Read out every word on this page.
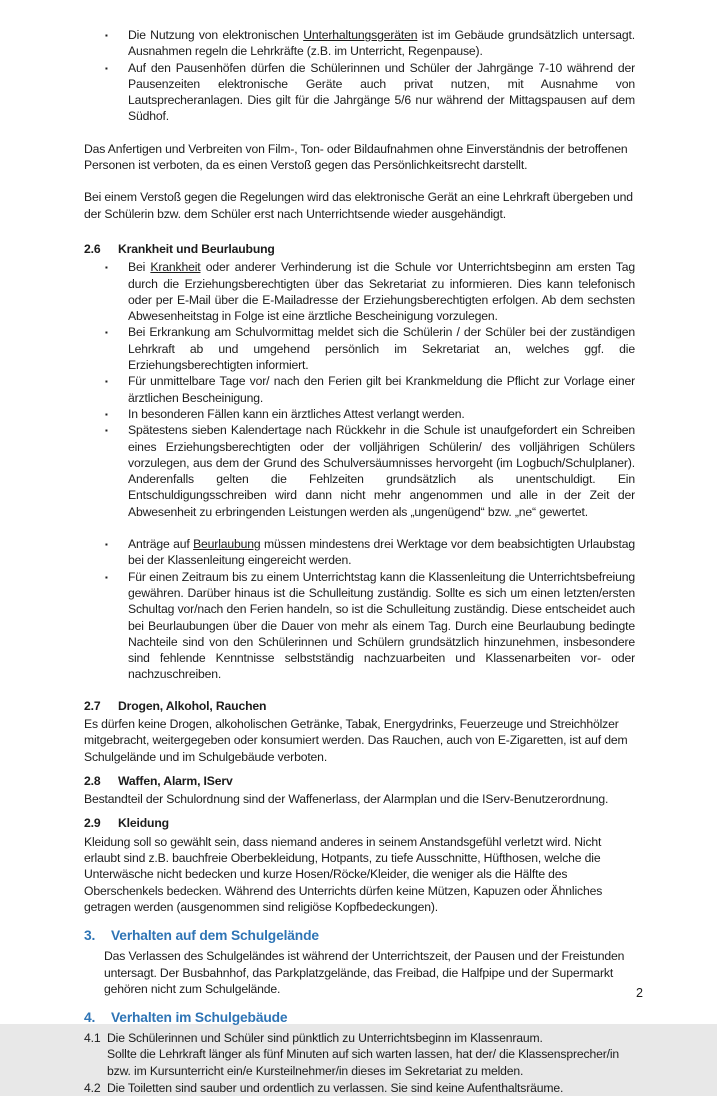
▪ Die Nutzung von elektronischen Unterhaltungsgeräten ist im Gebäude grundsätzlich untersagt. Ausnahmen regeln die Lehrkräfte (z.B. im Unterricht, Regenpause).
▪ Auf den Pausenhöfen dürfen die Schülerinnen und Schüler der Jahrgänge 7-10 während der Pausenzeiten elektronische Geräte auch privat nutzen, mit Ausnahme von Lautsprecheranlagen. Dies gilt für die Jahrgänge 5/6 nur während der Mittagspausen auf dem Südhof.
Das Anfertigen und Verbreiten von Film-, Ton- oder Bildaufnahmen ohne Einverständnis der betroffenen Personen ist verboten, da es einen Verstoß gegen das Persönlichkeitsrecht darstellt.
Bei einem Verstoß gegen die Regelungen wird das elektronische Gerät an eine Lehrkraft übergeben und der Schülerin bzw. dem Schüler erst nach Unterrichtsende wieder ausgehändigt.
2.6	Krankheit und Beurlaubung
▪ Bei Krankheit oder anderer Verhinderung ist die Schule vor Unterrichtsbeginn am ersten Tag durch die Erziehungsberechtigten über das Sekretariat zu informieren. Dies kann telefonisch oder per E-Mail über die E-Mailadresse der Erziehungsberechtigten erfolgen. Ab dem sechsten Abwesenheitstag in Folge ist eine ärztliche Bescheinigung vorzulegen.
▪ Bei Erkrankung am Schulvormittag meldet sich die Schülerin / der Schüler bei der zuständigen Lehrkraft ab und umgehend persönlich im Sekretariat an, welches ggf. die Erziehungsberechtigten informiert.
▪ Für unmittelbare Tage vor/ nach den Ferien gilt bei Krankmeldung die Pflicht zur Vorlage einer ärztlichen Bescheinigung.
▪ In besonderen Fällen kann ein ärztliches Attest verlangt werden.
▪ Spätestens sieben Kalendertage nach Rückkehr in die Schule ist unaufgefordert ein Schreiben eines Erziehungsberechtigten oder der volljährigen Schülerin/ des volljährigen Schülers vorzulegen, aus dem der Grund des Schulversäumnisses hervorgeht (im Logbuch/Schulplaner). Anderenfalls gelten die Fehlzeiten grundsätzlich als unentschuldigt. Ein Entschuldigungsschreiben wird dann nicht mehr angenommen und alle in der Zeit der Abwesenheit zu erbringenden Leistungen werden als „ungenügend“ bzw. „ne“ gewertet.
▪ Anträge auf Beurlaubung müssen mindestens drei Werktage vor dem beabsichtigten Urlaubstag bei der Klassenleitung eingereicht werden.
▪ Für einen Zeitraum bis zu einem Unterrichtstag kann die Klassenleitung die Unterrichtsbefreiung gewähren. Darüber hinaus ist die Schulleitung zuständig. Sollte es sich um einen letzten/ersten Schultag vor/nach den Ferien handeln, so ist die Schulleitung zuständig. Diese entscheidet auch bei Beurlaubungen über die Dauer von mehr als einem Tag. Durch eine Beurlaubung bedingte Nachteile sind von den Schülerinnen und Schülern grundsätzlich hinzunehmen, insbesondere sind fehlende Kenntnisse selbstständig nachzuarbeiten und Klassenarbeiten vor- oder nachzuschreiben.
2.7	Drogen, Alkohol, Rauchen
Es dürfen keine Drogen, alkoholischen Getränke, Tabak, Energydrinks, Feuerzeuge und Streichhölzer mitgebracht, weitergegeben oder konsumiert werden. Das Rauchen, auch von E-Zigaretten, ist auf dem Schulgelände und im Schulgebäude verboten.
2.8	Waffen, Alarm, IServ
Bestandteil der Schulordnung sind der Waffenerlass, der Alarmplan und die IServ-Benutzerordnung.
2.9	Kleidung
Kleidung soll so gewählt sein, dass niemand anderes in seinem Anstandsgefühl verletzt wird. Nicht erlaubt sind z.B. bauchfreie Oberbekleidung, Hotpants, zu tiefe Ausschnitte, Hüfthosen, welche die Unterwäsche nicht bedecken und kurze Hosen/Röcke/Kleider, die weniger als die Hälfte des Oberschenkels bedecken. Während des Unterrichts dürfen keine Mützen, Kapuzen oder Ähnliches getragen werden (ausgenommen sind religiöse Kopfbedeckungen).
3.	Verhalten auf dem Schulgelände
Das Verlassen des Schulgeländes ist während der Unterrichtszeit, der Pausen und der Freistunden untersagt. Der Busbahnhof, das Parkplatzgelände, das Freibad, die Halfpipe und der Supermarkt gehören nicht zum Schulgelände.
4.	Verhalten im Schulgebäude
4.1 Die Schülerinnen und Schüler sind pünktlich zu Unterrichtsbeginn im Klassenraum.
Sollte die Lehrkraft länger als fünf Minuten auf sich warten lassen, hat der/ die Klassensprecher/in bzw. im Kursunterricht ein/e Kursteilnehmer/in dieses im Sekretariat zu melden.
4.2 Die Toiletten sind sauber und ordentlich zu verlassen. Sie sind keine Aufenthaltsräume.
2
